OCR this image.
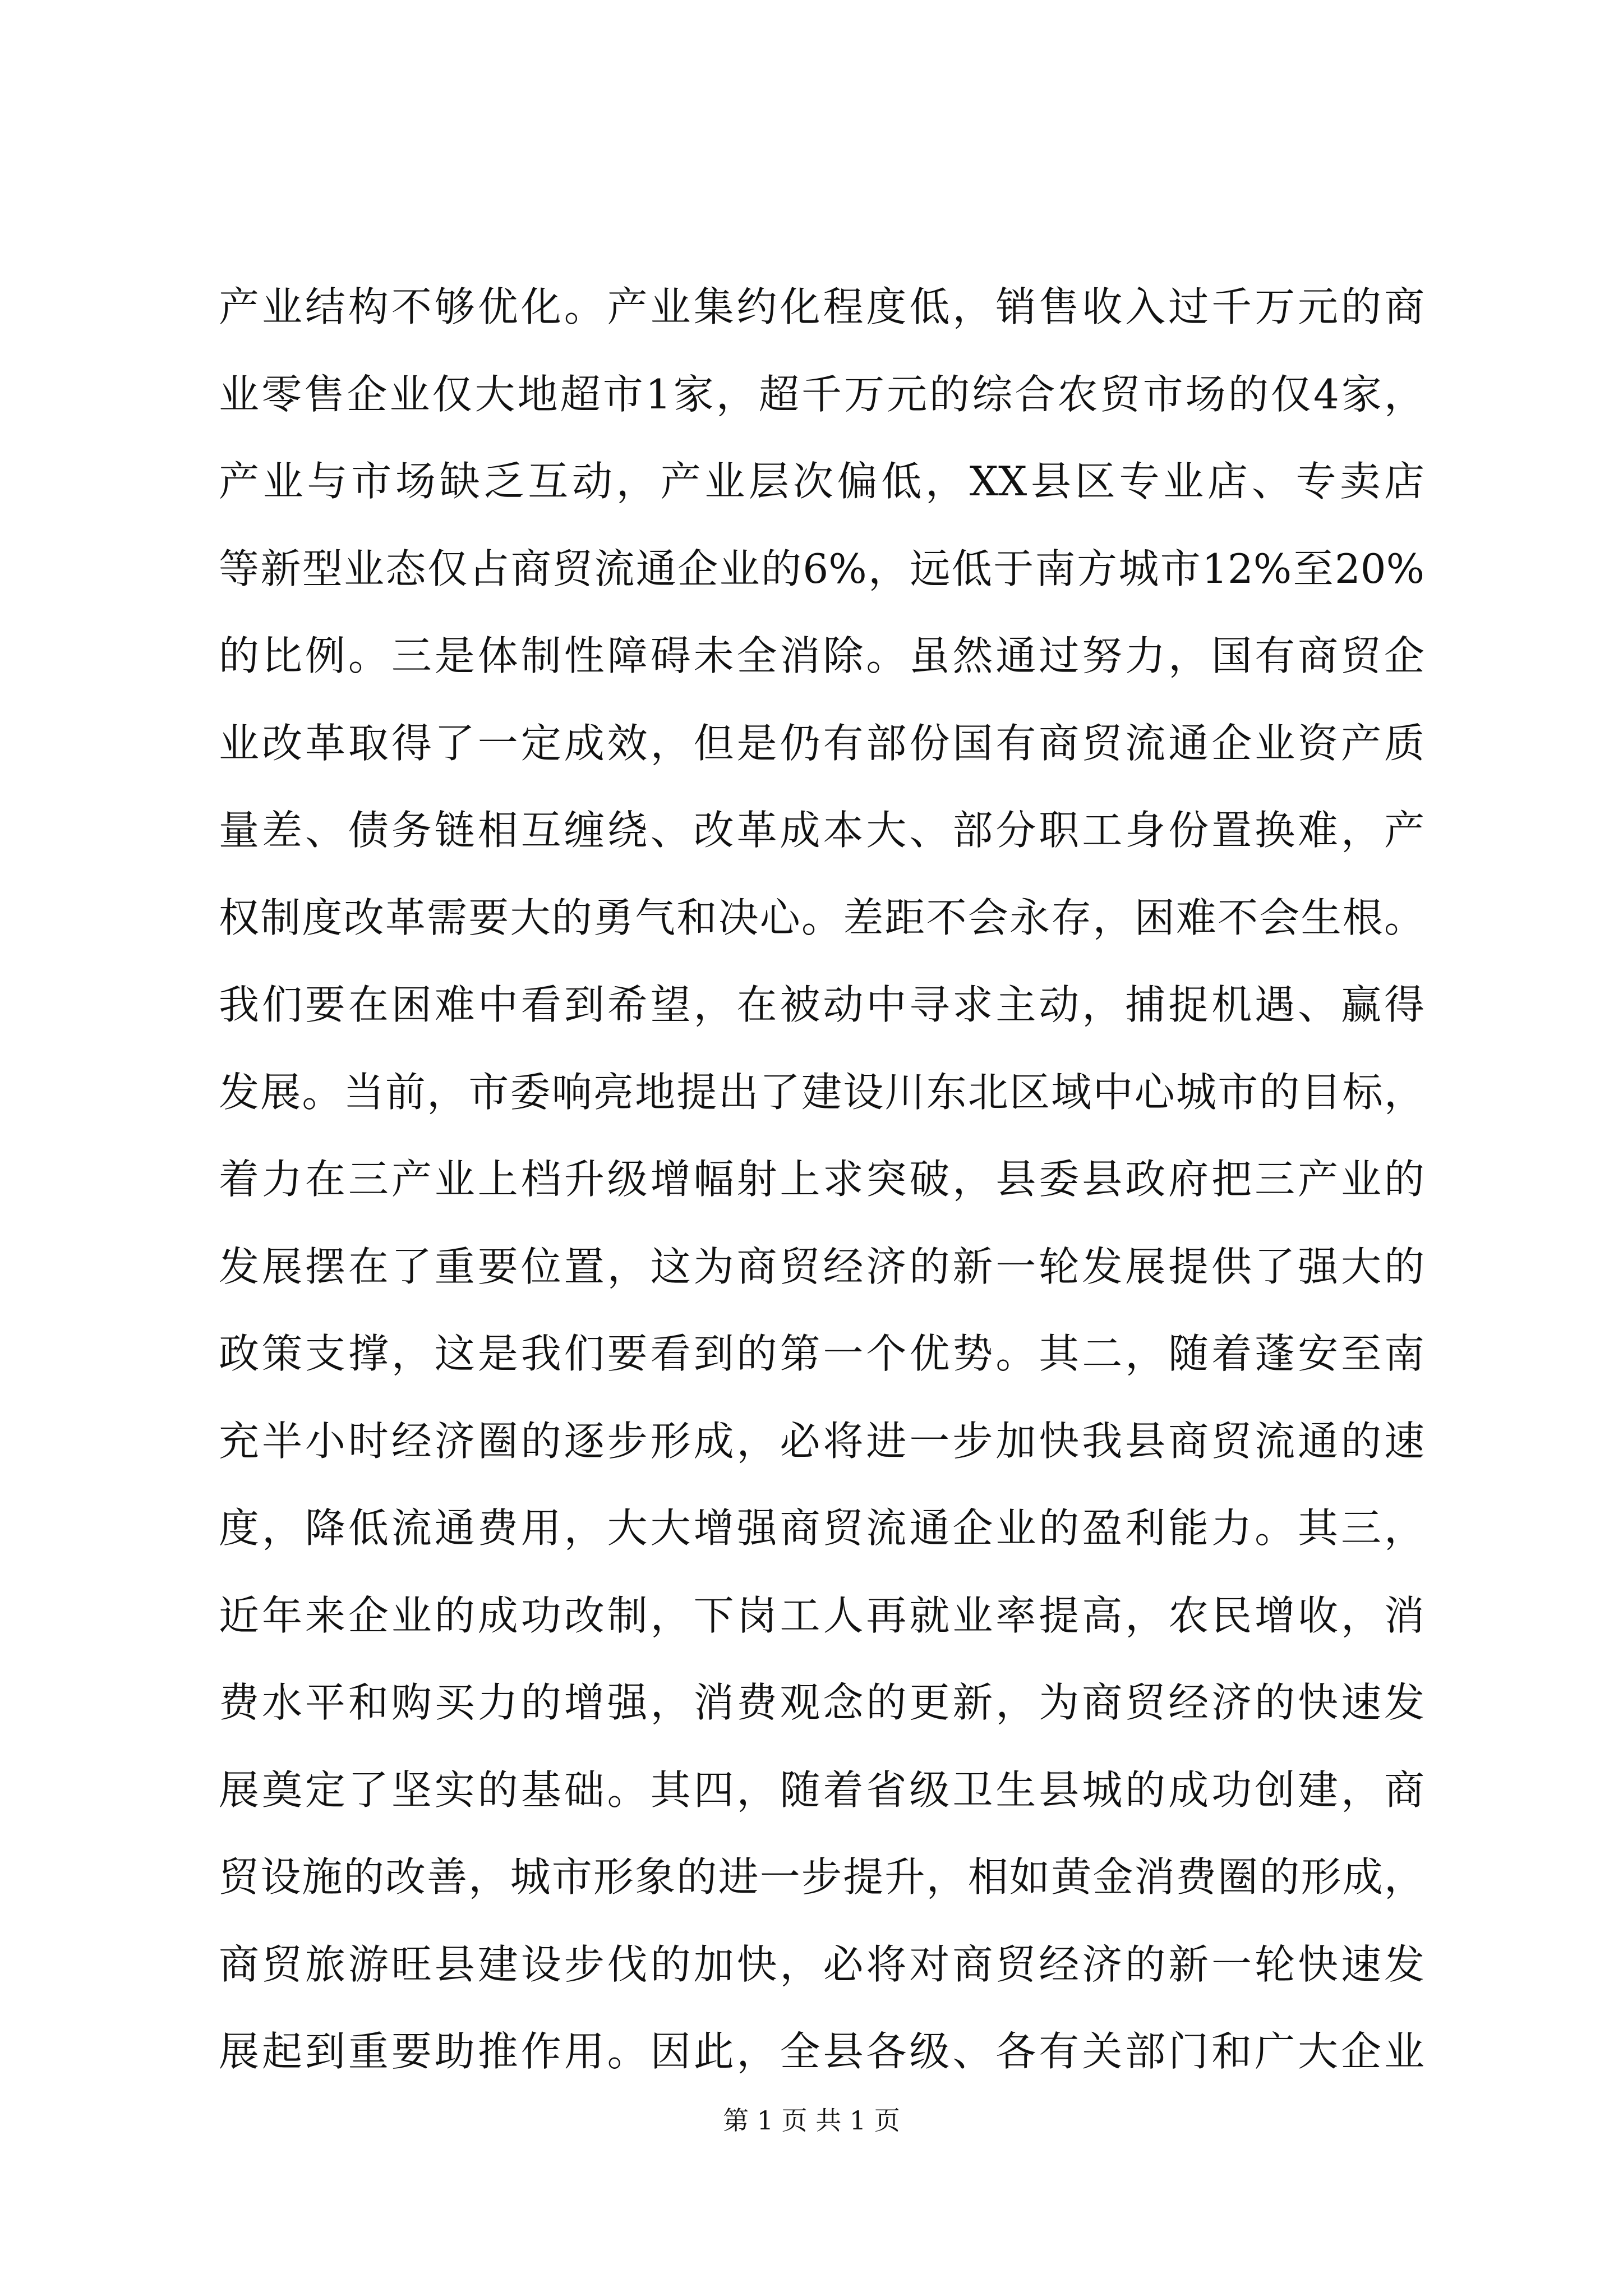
产业结构不够优化。产业集约化程度低，销售收入过千万元的商
业零售企业仅大地超市1家，超千万元的综合农贸市场的仅4家，
产业与市场缺乏互动，产业层次偏低，XX县区专业店、专卖店
等新型业态仅占商贸流通企业的6%，远低于南方城市12%至20%
的比例。三是体制性障碍未全消除。虽然通过努力，国有商贸企
业改革取得了一定成效，但是仍有部份国有商贸流通企业资产质
量差、债务链相互缠绕、改革成本大、部分职工身份置换难，产
权制度改革需要大的勇气和决心。差距不会永存，困难不会生根。
我们要在困难中看到希望，在被动中寻求主动，捕捉机遇、赢得
发展。当前，市委响亮地提出了建设川东北区域中心城市的目标，
着力在三产业上档升级增幅射上求突破，县委县政府把三产业的
发展摆在了重要位置，这为商贸经济的新一轮发展提供了强大的
政策支撑，这是我们要看到的第一个优势。其二，随着蓬安至南
充半小时经济圈的逐步形成，必将进一步加快我县商贸流通的速
度，降低流通费用，大大增强商贸流通企业的盈利能力。其三，
近年来企业的成功改制，下岗工人再就业率提高，农民增收，消
费水平和购买力的增强，消费观念的更新，为商贸经济的快速发
展奠定了坚实的基础。其四，随着省级卫生县城的成功创建，商
贸设施的改善，城市形象的进一步提升，相如黄金消费圈的形成，
商贸旅游旺县建设步伐的加快，必将对商贸经济的新一轮快速发
展起到重要助推作用。因此，全县各级、各有关部门和广大企业
第 1 页 共 1 页
